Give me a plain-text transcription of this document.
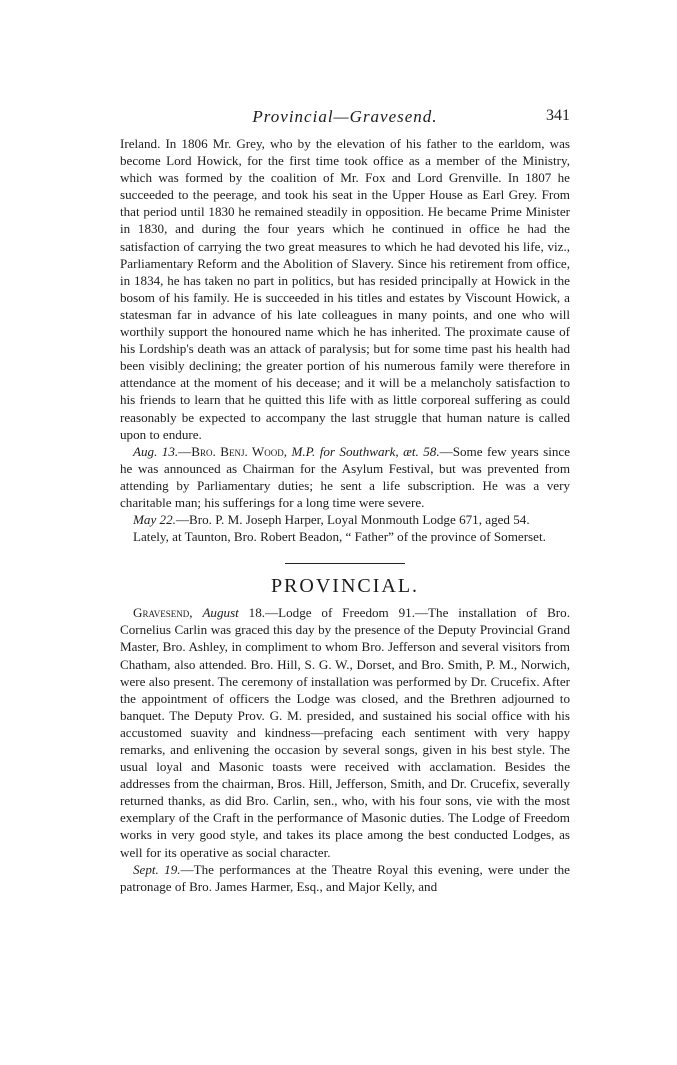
Provincial—Gravesend.	341

Ireland. In 1806 Mr. Grey, who by the elevation of his father to the earldom, was become Lord Howick, for the first time took office as a member of the Ministry, which was formed by the coalition of Mr. Fox and Lord Grenville. In 1807 he succeeded to the peerage, and took his seat in the Upper House as Earl Grey. From that period until 1830 he remained steadily in opposition. He became Prime Minister in 1830, and during the four years which he continued in office he had the satisfaction of carrying the two great measures to which he had devoted his life, viz., Parliamentary Reform and the Abolition of Slavery. Since his retirement from office, in 1834, he has taken no part in politics, but has resided principally at Howick in the bosom of his family. He is succeeded in his titles and estates by Viscount Howick, a statesman far in advance of his late colleagues in many points, and one who will worthily support the honoured name which he has inherited. The proximate cause of his Lordship's death was an attack of paralysis; but for some time past his health had been visibly declining; the greater portion of his numerous family were therefore in attendance at the moment of his decease; and it will be a melancholy satisfaction to his friends to learn that he quitted this life with as little corporeal suffering as could reasonably be expected to accompany the last struggle that human nature is called upon to endure.

Aug. 13.—Bro. Benj. Wood, M.P. for Southwark, æt. 58.—Some few years since he was announced as Chairman for the Asylum Festival, but was prevented from attending by Parliamentary duties; he sent a life subscription. He was a very charitable man; his sufferings for a long time were severe.

May 22.—Bro. P. M. Joseph Harper, Loyal Monmouth Lodge 671, aged 54.

Lately, at Taunton, Bro. Robert Beadon, “ Father” of the province of Somerset.

PROVINCIAL.

Gravesend, August 18.—Lodge of Freedom 91.—The installation of Bro. Cornelius Carlin was graced this day by the presence of the Deputy Provincial Grand Master, Bro. Ashley, in compliment to whom Bro. Jefferson and several visitors from Chatham, also attended. Bro. Hill, S. G. W., Dorset, and Bro. Smith, P. M., Norwich, were also present. The ceremony of installation was performed by Dr. Crucefix. After the appointment of officers the Lodge was closed, and the Brethren adjourned to banquet. The Deputy Prov. G. M. presided, and sustained his social office with his accustomed suavity and kindness—prefacing each sentiment with very happy remarks, and enlivening the occasion by several songs, given in his best style. The usual loyal and Masonic toasts were received with acclamation. Besides the addresses from the chairman, Bros. Hill, Jefferson, Smith, and Dr. Crucefix, severally returned thanks, as did Bro. Carlin, sen., who, with his four sons, vie with the most exemplary of the Craft in the performance of Masonic duties. The Lodge of Freedom works in very good style, and takes its place among the best conducted Lodges, as well for its operative as social character.

Sept. 19.—The performances at the Theatre Royal this evening, were under the patronage of Bro. James Harmer, Esq., and Major Kelly, and
